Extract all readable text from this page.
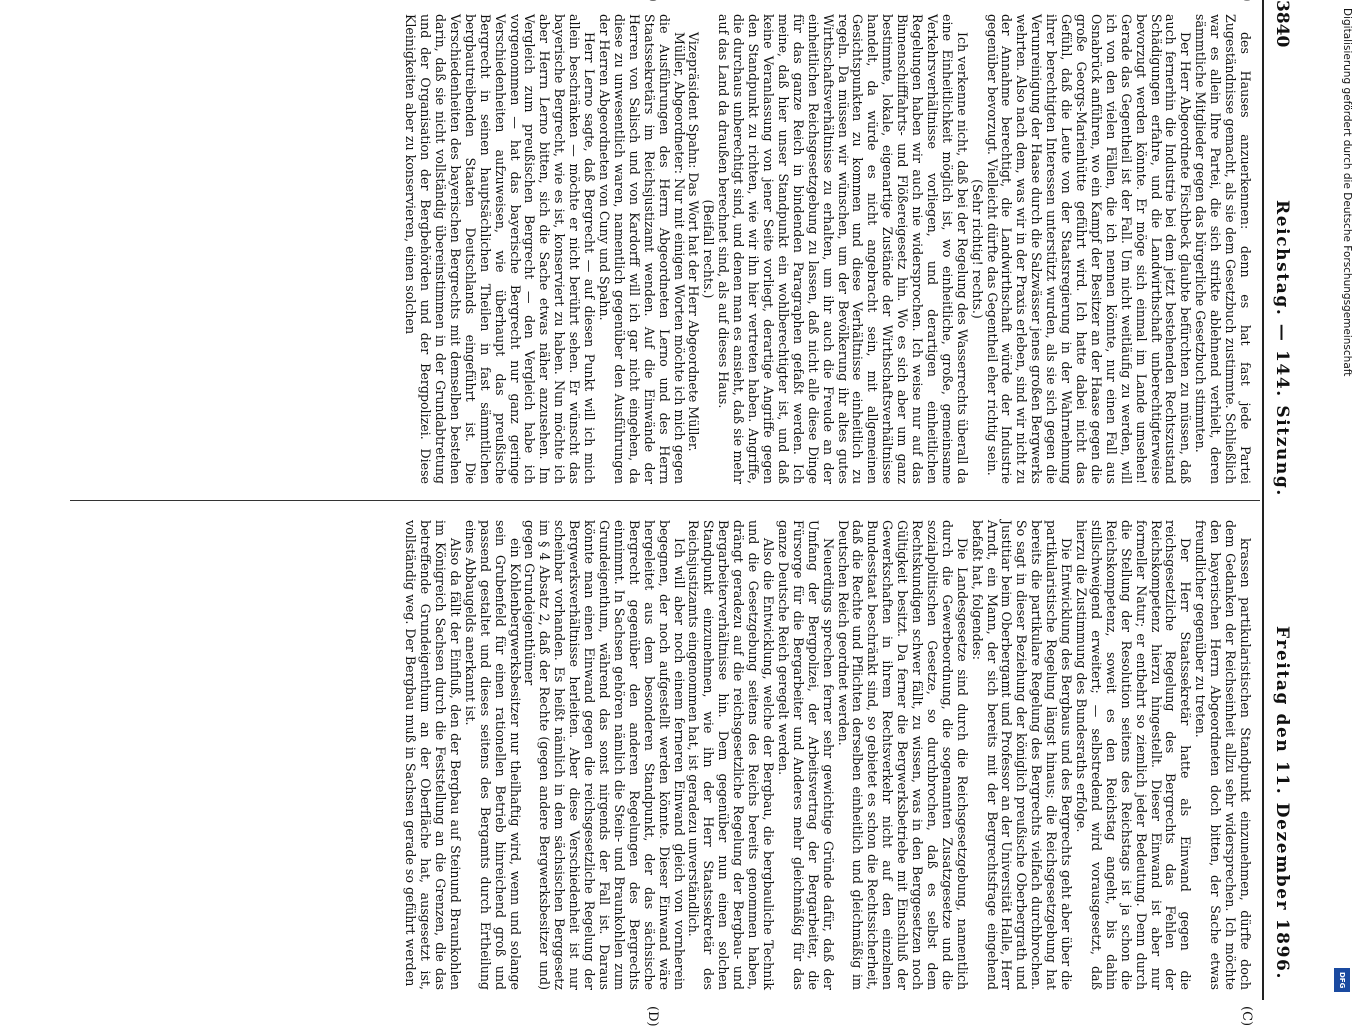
3840
Reichstag. — 144. Sitzung.
Freitag den 11. Dezember 1896.
(C)
(D)

des Hauses anzuerkennen: denn es hat fast jede Partei Zugeständnisse gemacht, als sie dem Gesetzbuch zustimmte. Schließlich war es allein Ihre Partei, die sich strikte ablehnend verhielt, deren sämmtliche Mitglieder gegen das bürgerliche Gesetzbuch stimmten.

Der Herr Abgeordnete Fischbeck glaubte befürchten zu müssen, daß auch fernerhin die Industrie bei dem jetzt bestehenden Rechtszustand Schädigungen erfahre, und die Landwirthschaft unberechtigterweise bevorzugt werden könnte. Er möge sich einmal im Lande umsehen! Gerade das Gegentheil ist der Fall. Um nicht weitläufig zu werden, will ich von den vielen Fällen, die ich nennen könnte, nur einen Fall aus Osnabrück anführen, wo ein Kampf der Besitzer an der Haase gegen die große Georgs-Marienhütte geführt wird. Ich hatte dabei nicht das Gefühl, daß die Leute von der Staatsregierung in der Wahrnehmung ihrer berechtigten Interessen unterstützt wurden, als sie sich gegen die Verunreinigung der Haase durch die Salzwässer jenes großen Bergwerks wehrten. Also nach dem, was wir in der Praxis erleben, sind wir nicht zu der Annahme berechtigt, die Landwirthschaft würde der Industrie gegenüber bevorzugt. Vielleicht dürfte das Gegentheil eher richtig sein.

(Sehr richtig! rechts.)

Ich verkenne nicht, daß bei der Regelung des Wasserrechts überall da eine Einheitlichkeit möglich ist, wo einheitliche, große, gemeinsame Verkehrsverhältnisse vorliegen, und derartigen einheitlichen Regelungen haben wir auch nie widersprochen. Ich weise nur auf das Binnenschifffahrts- und Flößereigesetz hin. Wo es sich aber um ganz bestimmte, lokale, eigenartige Zustände der Wirthschaftsverhältnisse handelt, da würde es nicht angebracht sein, mit allgemeinen Gesichtspunkten zu kommen und diese Verhältnisse einheitlich zu regeln. Da müssen wir wünschen, um der Bevölkerung ihr altes gutes Wirthschaftsverhältnisse zu erhalten, um ihr auch die Freude an der einheitlichen Reichsgesetzgebung zu lassen, daß nicht alle diese Dinge für das ganze Reich in bindenden Paragraphen gefaßt werden. Ich meine, daß hier unser Standpunkt ein wohlberechtigter ist, und daß keine Veranlassung von jener Seite vorliegt, derartige Angriffe gegen den Standpunkt zu richten, wie wir ihn hier vertreten haben. Angriffe, die durchaus unberechtigt sind, und denen man es ansieht, daß sie mehr auf das Land da draußen berechnet sind, als auf dieses Haus.

(Beifall rechts.)

Vizepräsident Spahn: Das Wort hat der Herr Abgeordnete Müller.

Müller, Abgeordneter: Nur mit einigen Worten möchte ich mich gegen die Ausführungen des Herrn Abgeordneten Lerno und des Herrn Staatssekretärs im Reichsjustizamt wenden. Auf die Einwände der Herren von Salisch und von Kardorff will ich gar nicht eingehen, da diese zu unwesentlich waren, namentlich gegenüber den Ausführungen der Herren Abgeordneten von Cuny und Spahn.

Herr Lerno sagte, daß Bergrecht — auf diesen Punkt will ich mich allein beschränken — möchte er nicht berührt sehen. Er wünscht das bayerische Bergrecht, wie es ist, konserviert zu haben. Nun möchte ich aber Herrn Lerno bitten, sich die Sache etwas näher anzusehen. Im Vergleich zum preußischen Bergrecht — den Vergleich habe ich vorgenommen — hat das bayerische Bergrecht nur ganz geringe Verschiedenheiten aufzuweisen, wie überhaupt das preußische Bergrecht in seinen hauptsächlichen Theilen in fast sämmtlichen bergbautreibenden Staaten Deutschlands eingeführt ist. Die Verschiedenheiten des bayerischen Bergrechts mit demselben bestehen darin, daß sie nicht vollständig übereinstimmen in der Grundabtretung und der Organisation der Bergbehörden und der Bergpolizei. Diese Kleinigkeiten aber zu konservieren, einen solchen

krassen partikularistischen Standpunkt einzunehmen, dürfte doch dem Gedanken der Reichseinheit allzu sehr widersprechen. Ich möchte den bayerischen Herrn Abgeordneten doch bitten, der Sache etwas freundlicher gegenüber zu treten.

Der Herr Staatssekretär hatte als Einwand gegen die reichsgesetzliche Regelung des Bergrechts das Fehlen der Reichskompetenz hierzu hingestellt. Dieser Einwand ist aber nur formeller Natur; er entbehrt so ziemlich jeder Bedeutung. Denn durch die Stellung der Resolution seitens des Reichstags ist ja schon die Reichskompetenz, soweit es den Reichstag angeht, bis dahin stillschweigend erweitert; — selbstredend wird vorausgesetzt, daß hierzu die Zustimmung des Bundesraths erfolge.

Die Entwicklung des Bergbaus und des Bergrechts geht aber über die partikularistische Regelung längst hinaus; die Reichsgesetzgebung hat bereits die partikulare Regelung des Bergrechts vielfach durchbrochen. So sagt in dieser Beziehung der königlich preußische Oberbergrath und Justitiar beim Oberbergamt und Professor an der Universität Halle, Herr Arndt, ein Mann, der sich bereits mit der Bergrechtsfrage eingehend befaßt hat, folgendes:

Die Landesgesetze sind durch die Reichsgesetzgebung, namentlich durch die Gewerbeordnung, die sogenannten Zusatzgesetze und die sozialpolitischen Gesetze, so durchbrochen, daß es selbst dem Rechtskundigen schwer fällt, zu wissen, was in den Berggesetzen noch Gültigkeit besitzt. Da ferner die Bergwerksbetriebe mit Einschluß der Gewerkschaften in ihrem Rechtsverkehr nicht auf den einzelnen Bundesstaat beschränkt sind, so gebietet es schon die Rechtssicherheit, daß die Rechte und Pflichten derselben einheitlich und gleichmäßig im Deutschen Reich geordnet werden.

Neuerdings sprechen ferner sehr gewichtige Gründe dafür, daß der Umfang der Bergpolizei, der Arbeitsvertrag der Bergarbeiter, die Fürsorge für die Bergarbeiter und Anderes mehr gleichmäßig für das ganze Deutsche Reich geregelt werden.

Also die Entwicklung, welche der Bergbau, die bergbauliche Technik und die Gesetzgebung seitens des Reichs bereits genommen haben, drängt geradezu auf die reichsgesetzliche Regelung der Bergbau- und Bergarbeiterverhältnisse hin. Dem gegenüber nun einen solchen Standpunkt einzunehmen, wie ihn der Herr Staatssekretär des Reichsjustizamts eingenommen hat, ist geradezu unverständlich.

Ich will aber noch einem ferneren Einwand gleich von vornherein begegnen, der noch aufgestellt werden könnte. Dieser Einwand wäre hergeleitet aus dem besonderen Standpunkt, der das sächsische Bergrecht gegenüber den anderen Regelungen des Bergrechts einnimmt. In Sachsen gehören nämlich die Stein- und Braunkohlen zum Grundeigenthum, während das sonst nirgends der Fall ist. Daraus könnte man einen Einwand gegen die reichsgesetzliche Regelung der Bergwerksverhältnisse herleiten. Aber diese Verschiedenheit ist nur scheinbar vorhanden. Es heißt nämlich in dem sächsischen Berggesetz im § 4 Absatz 2, daß der Rechte (gegen andere Bergwerksbesitzer und) gegen Grundeigenthümer

ein Kohlenbergwerksbesitzer nur theilhaftig wird, wenn und solange sein Grubenfeld für einen rationellen Betrieb hinreichend groß und passend gestaltet und dieses seitens des Bergamts durch Ertheilung eines Abbaugelds anerkannt ist.

Also da fällt der Einfluß, den der Bergbau auf Steinund Braunkohlen im Königreich Sachsen durch die Feststellung an die Grenzen, die das betreffende Grundeigenthum an der Oberfläche hat, ausgesetzt ist, vollständig weg. Der Bergbau muß in Sachsen gerade so geführt werden

Digitalisierung gefördert durch die Deutsche Forschungsgemeinschaft
DFG
